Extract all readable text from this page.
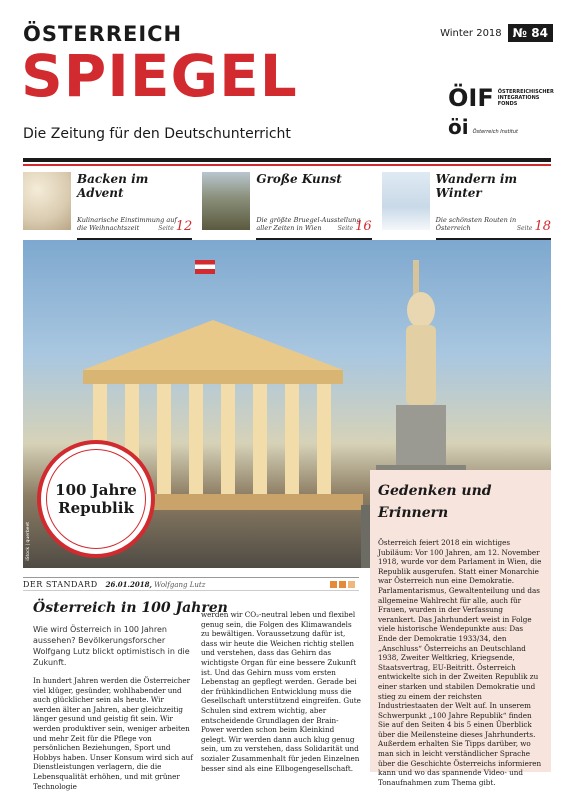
ÖSTERREICH
SPIEGEL
Die Zeitung für den Deutschunterricht
Winter 2018 № 84
ÖIF ÖSTERREICHISCHER INTEGRATIONS FONDS
öi Österreich Institut
Backen im Advent
Kulinarische Einstimmung auf die Weihnachtszeit	Seite 12
Große Kunst
Die größte Bruegel-Ausstellung aller Zeiten in Wien	Seite 16
Wandern im Winter
Die schönsten Routen in Österreich	Seite 18
100 Jahre Republik
iStock | querbeet
Gedenken und Erinnern
Österreich feiert 2018 ein wichtiges Jubiläum: Vor 100 Jahren, am 12. November 1918, wurde vor dem Parlament in Wien, die Republik ausgerufen. Statt einer Monarchie war Österreich nun eine Demokratie. Parlamentarismus, Gewaltenteilung und das allgemeine Wahlrecht für alle, auch für Frauen, wurden in der Verfassung verankert. Das Jahrhundert weist in Folge viele historische Wendepunkte aus: Das Ende der Demokratie 1933/34, den „Anschluss“ Österreichs an Deutschland 1938, Zweiter Weltkrieg, Kriegsende, Staatsvertrag, EU-Beitritt. Österreich entwickelte sich in der Zweiten Republik zu einer starken und stabilen Demokratie und stieg zu einem der reichsten Industriestaaten der Welt auf. In unserem Schwerpunkt „100 Jahre Republik“ finden Sie auf den Seiten 4 bis 5 einen Überblick über die Meilensteine dieses Jahrhunderts. Außerdem erhalten Sie Tipps darüber, wo man sich in leicht verständlicher Sprache über die Geschichte Österreichs informieren kann und wo das spannende Video- und Tonaufnahmen zum Thema gibt.
DER STANDARD 26.01.2018, Wolfgang Lutz
Österreich in 100 Jahren
Wie wird Österreich in 100 Jahren aussehen? Bevölkerungsforscher Wolfgang Lutz blickt optimistisch in die Zukunft.
In hundert Jahren werden die Österreicher viel klüger, gesünder, wohlhabender und auch glücklicher sein als heute. Wir werden älter an Jahren, aber gleichzeitig länger gesund und geistig fit sein. Wir werden produktiver sein, weniger arbeiten und mehr Zeit für die Pflege von persönlichen Beziehungen, Sport und Hobbys haben. Unser Konsum wird sich auf Dienstleistungen verlagern, die die Lebensqualität erhöhen, und mit grüner Technologie
werden wir CO₂-neutral leben und flexibel genug sein, die Folgen des Klimawandels zu bewältigen. Voraussetzung dafür ist, dass wir heute die Weichen richtig stellen und verstehen, dass das Gehirn das wichtigste Organ für eine bessere Zukunft ist. Und das Gehirn muss vom ersten Lebenstag an gepflegt werden. Gerade bei der frühkindlichen Entwicklung muss die Gesellschaft unterstützend eingreifen. Gute Schulen sind extrem wichtig, aber entscheidende Grundlagen der Brain-Power werden schon beim Kleinkind gelegt. Wir werden dann auch klug genug sein, um zu verstehen, dass Solidarität und sozialer Zusammenhalt für jeden Einzelnen besser sind als eine Ellbogengesellschaft.
